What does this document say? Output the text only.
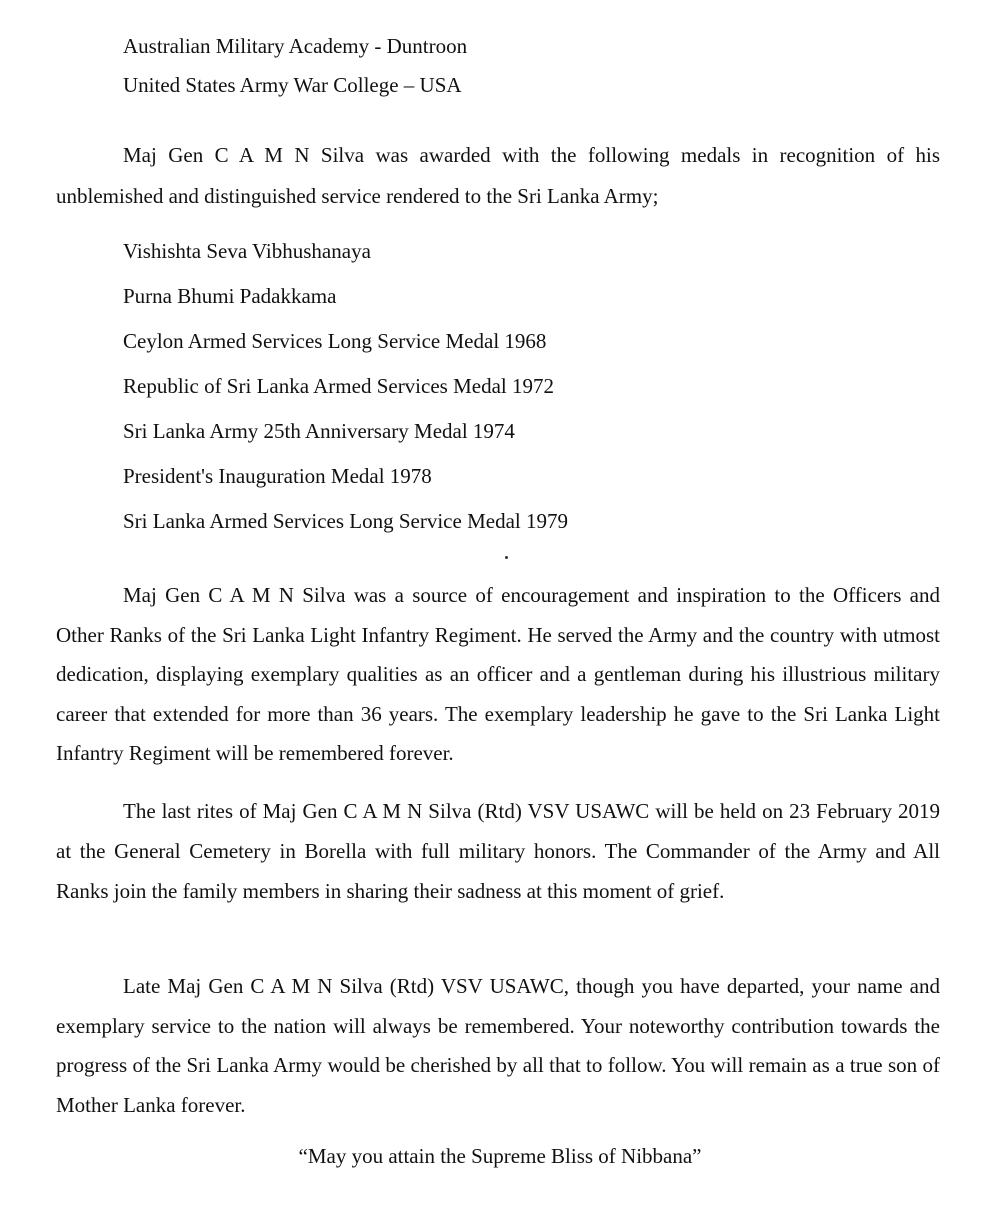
Australian Military Academy - Duntroon
United States Army War College – USA

Maj Gen C A M N Silva was awarded with the following medals in recognition of his unblemished and distinguished service rendered to the Sri Lanka Army;

Vishishta Seva Vibhushanaya
Purna Bhumi Padakkama
Ceylon Armed Services Long Service Medal 1968
Republic of Sri Lanka Armed Services Medal 1972
Sri Lanka Army 25th Anniversary Medal 1974
President's Inauguration Medal 1978
Sri Lanka Armed Services Long Service Medal 1979

Maj Gen C A M N Silva was a source of encouragement and inspiration to the Officers and Other Ranks of the Sri Lanka Light Infantry Regiment. He served the Army and the country with utmost dedication, displaying exemplary qualities as an officer and a gentleman during his illustrious military career that extended for more than 36 years. The exemplary leadership he gave to the Sri Lanka Light Infantry Regiment will be remembered forever.

The last rites of Maj Gen C A M N Silva (Rtd) VSV USAWC will be held on 23 February 2019 at the General Cemetery in Borella with full military honors. The Commander of the Army and All Ranks join the family members in sharing their sadness at this moment of grief.

Late Maj Gen C A M N Silva (Rtd) VSV USAWC, though you have departed, your name and exemplary service to the nation will always be remembered. Your noteworthy contribution towards the progress of the Sri Lanka Army would be cherished by all that to follow. You will remain as a true son of Mother Lanka forever.

“May you attain the Supreme Bliss of Nibbana”
